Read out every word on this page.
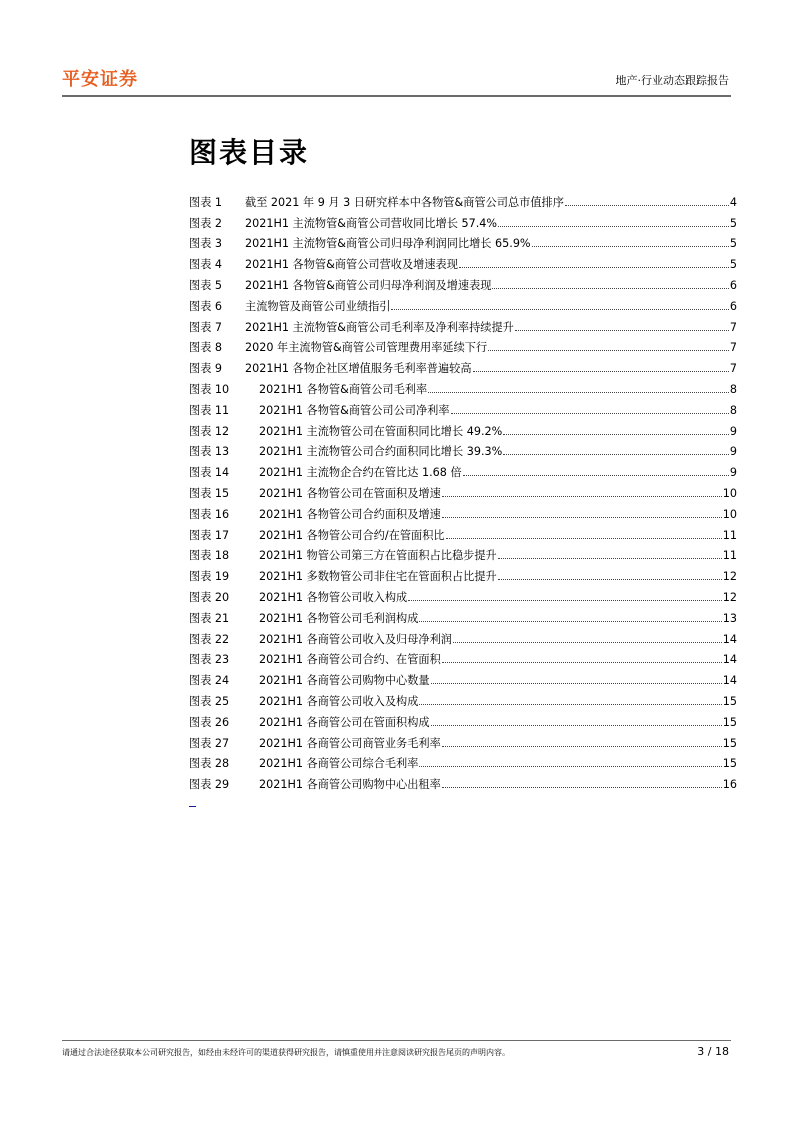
平安证券	地产·行业动态跟踪报告
图表目录
图表 1	截至 2021 年 9 月 3 日研究样本中各物管&商管公司总市值排序	4
图表 2	2021H1 主流物管&商管公司营收同比增长 57.4%	5
图表 3	2021H1 主流物管&商管公司归母净利润同比增长 65.9%	5
图表 4	2021H1 各物管&商管公司营收及增速表现	5
图表 5	2021H1 各物管&商管公司归母净利润及增速表现	6
图表 6	主流物管及商管公司业绩指引	6
图表 7	2021H1 主流物管&商管公司毛利率及净利率持续提升	7
图表 8	2020 年主流物管&商管公司管理费用率延续下行	7
图表 9	2021H1 各物企社区增值服务毛利率普遍较高	7
图表 10	2021H1 各物管&商管公司毛利率	8
图表 11	2021H1 各物管&商管公司公司净利率	8
图表 12	2021H1 主流物管公司在管面积同比增长 49.2%	9
图表 13	2021H1 主流物管公司合约面积同比增长 39.3%	9
图表 14	2021H1 主流物企合约在管比达 1.68 倍	9
图表 15	2021H1 各物管公司在管面积及增速	10
图表 16	2021H1 各物管公司合约面积及增速	10
图表 17	2021H1 各物管公司合约/在管面积比	11
图表 18	2021H1 物管公司第三方在管面积占比稳步提升	11
图表 19	2021H1 多数物管公司非住宅在管面积占比提升	12
图表 20	2021H1 各物管公司收入构成	12
图表 21	2021H1 各物管公司毛利润构成	13
图表 22	2021H1 各商管公司收入及归母净利润	14
图表 23	2021H1 各商管公司合约、在管面积	14
图表 24	2021H1 各商管公司购物中心数量	14
图表 25	2021H1 各商管公司收入及构成	15
图表 26	2021H1 各商管公司在管面积构成	15
图表 27	2021H1 各商管公司商管业务毛利率	15
图表 28	2021H1 各商管公司综合毛利率	15
图表 29	2021H1 各商管公司购物中心出租率	16
请通过合法途径获取本公司研究报告，如经由未经许可的渠道获得研究报告，请慎重使用并注意阅读研究报告尾页的声明内容。	3 / 18
